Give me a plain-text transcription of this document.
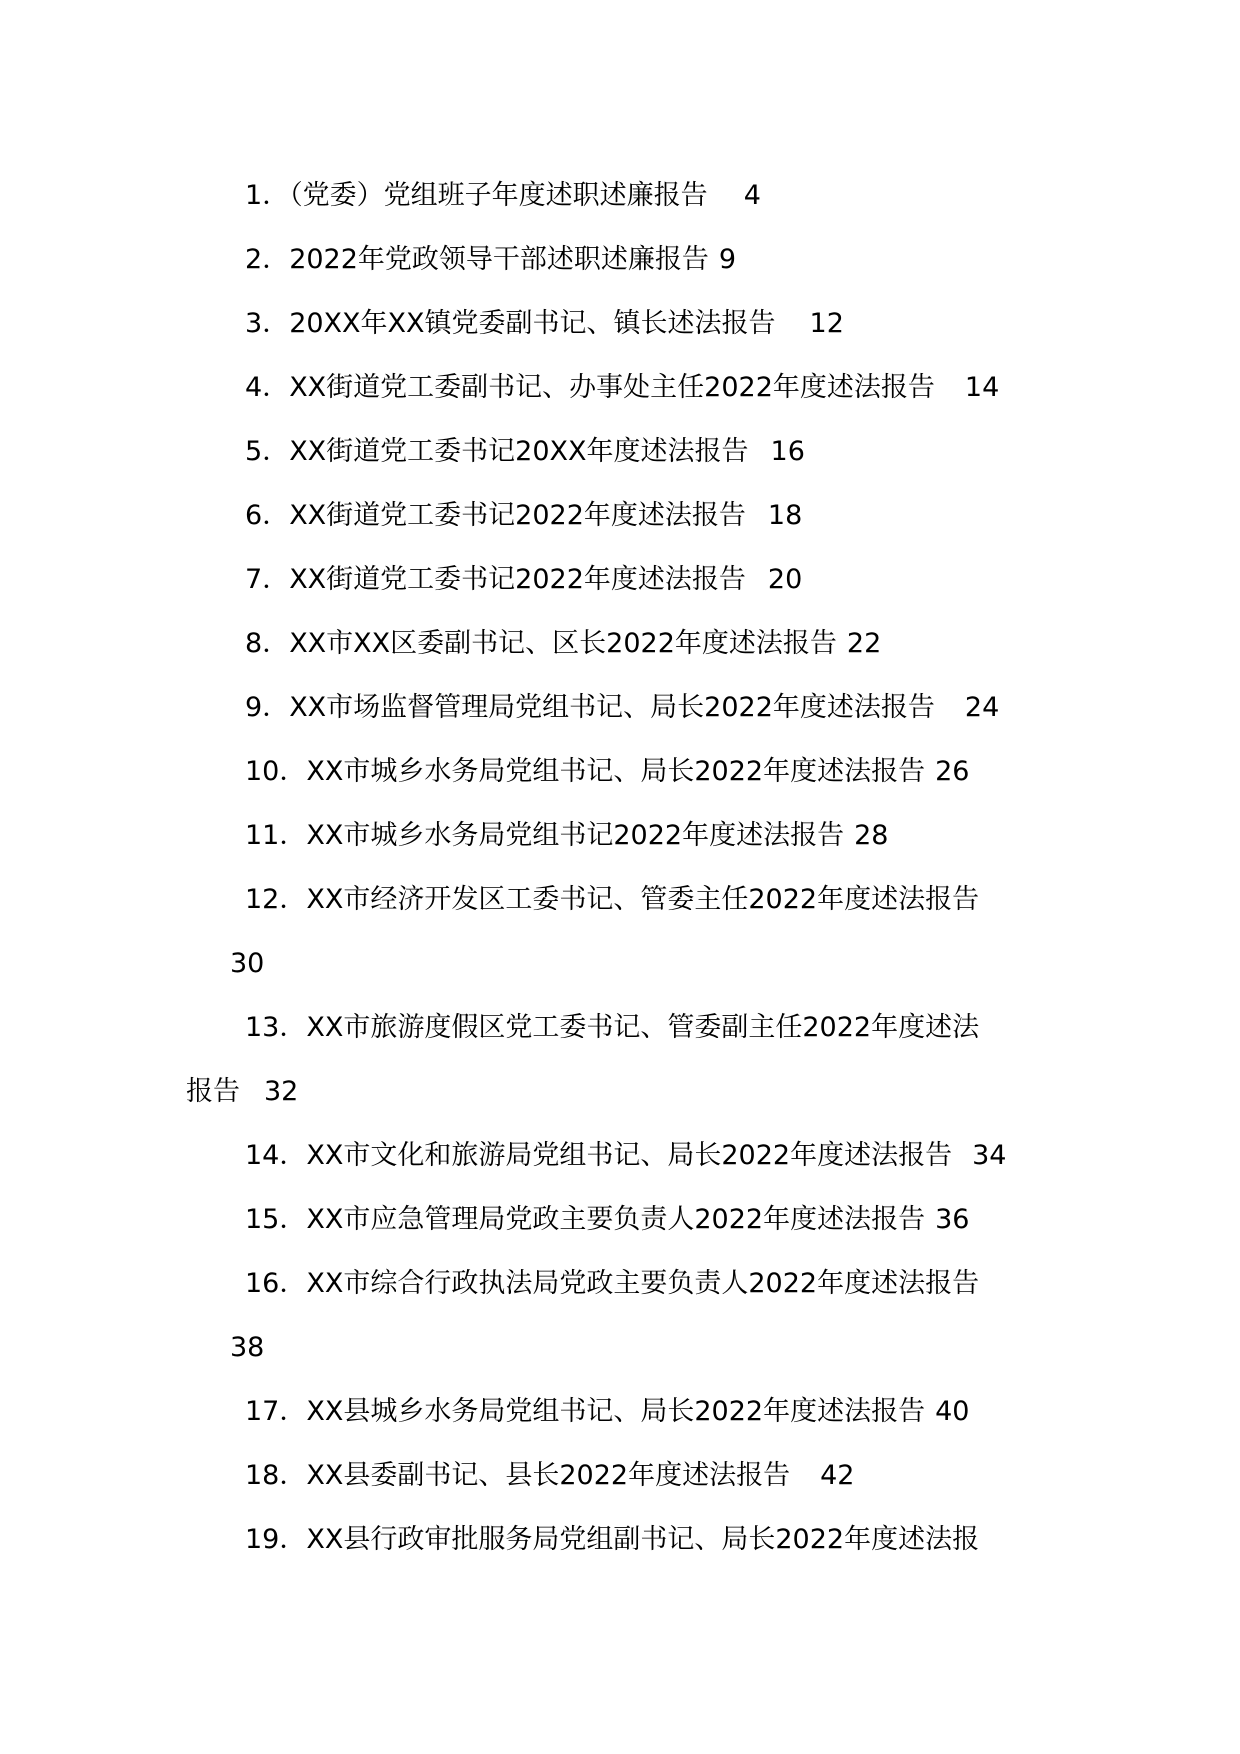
1．（党委）党组班子年度述职述廉报告 4

2．2022年党政领导干部述职述廉报告 9

3．20XX年XX镇党委副书记、镇长述法报告 12

4．XX街道党工委副书记、办事处主任2022年度述法报告 14

5．XX街道党工委书记20XX年度述法报告 16

6．XX街道党工委书记2022年度述法报告 18

7．XX街道党工委书记2022年度述法报告 20

8．XX市XX区委副书记、区长2022年度述法报告 22

9．XX市场监督管理局党组书记、局长2022年度述法报告 24

10．XX市城乡水务局党组书记、局长2022年度述法报告 26

11．XX市城乡水务局党组书记2022年度述法报告 28

12．XX市经济开发区工委书记、管委主任2022年度述法报告

30

13．XX市旅游度假区党工委书记、管委副主任2022年度述法

报告 32

14．XX市文化和旅游局党组书记、局长2022年度述法报告 34

15．XX市应急管理局党政主要负责人2022年度述法报告 36

16．XX市综合行政执法局党政主要负责人2022年度述法报告

38

17．XX县城乡水务局党组书记、局长2022年度述法报告 40

18．XX县委副书记、县长2022年度述法报告 42

19．XX县行政审批服务局党组副书记、局长2022年度述法报
